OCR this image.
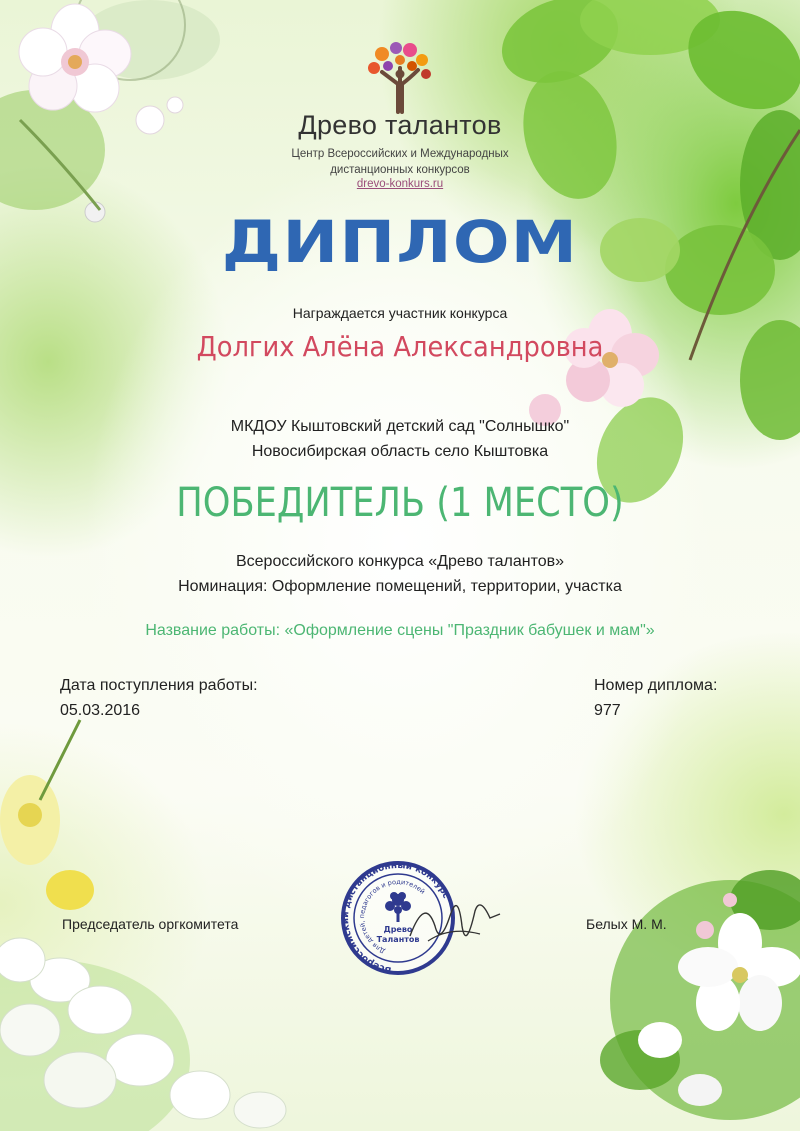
Древо талантов
Центр Всероссийских и Международных
дистанционных конкурсов
drevo-konkurs.ru
ДИПЛОМ
Награждается участник конкурса
Долгих Алёна Александровна
МКДОУ Кыштовский детский сад "Солнышко"
Новосибирская область село Кыштовка
ПОБЕДИТЕЛЬ (1 МЕСТО)
Всероссийского конкурса «Древо талантов»
Номинация: Оформление помещений, территории, участка
Название работы: «Оформление сцены "Праздник бабушек и мам"»
Дата поступления работы:
05.03.2016
Номер диплома:
977
Председатель оргкомитета	Белых М. М.
Всероссийский дистанционный конкурс
Для детей, педагогов и родителей
Древо
Талантов
